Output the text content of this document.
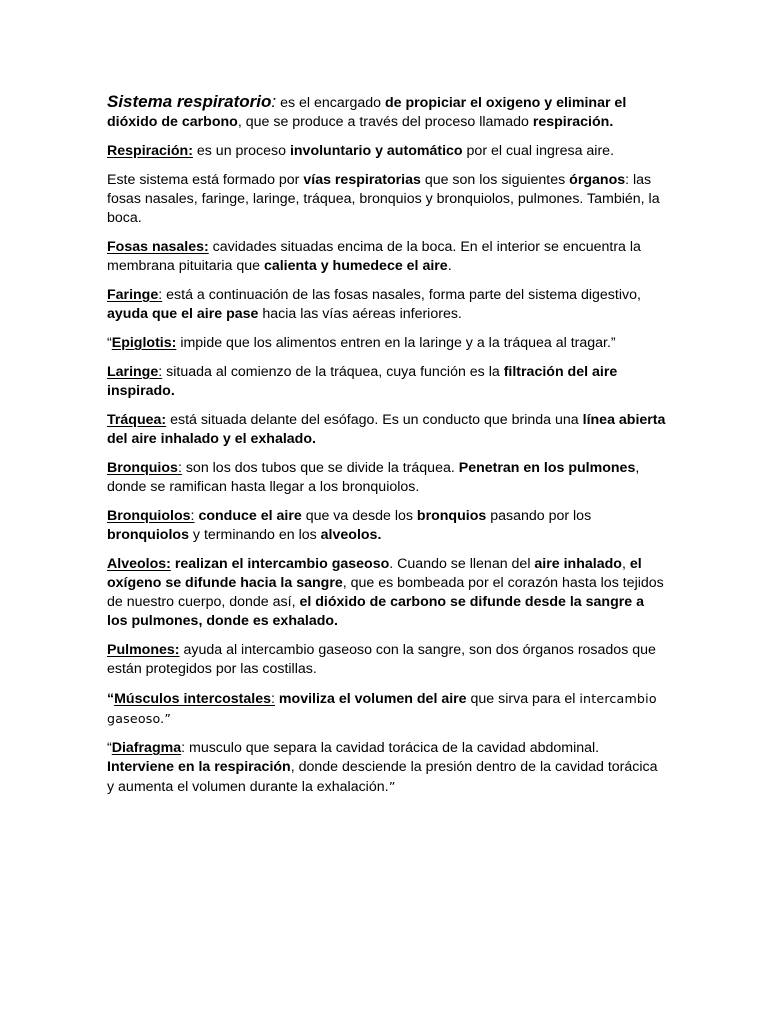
Sistema respiratorio: es el encargado de propiciar el oxigeno y eliminar el dióxido de carbono, que se produce a través del proceso llamado respiración.

Respiración: es un proceso involuntario y automático por el cual ingresa aire.

Este sistema está formado por vías respiratorias que son los siguientes órganos: las fosas nasales, faringe, laringe, tráquea, bronquios y bronquiolos, pulmones. También, la boca.

Fosas nasales: cavidades situadas encima de la boca. En el interior se encuentra la membrana pituitaria que calienta y humedece el aire.

Faringe: está a continuación de las fosas nasales, forma parte del sistema digestivo, ayuda que el aire pase hacia las vías aéreas inferiores.

“Epiglotis: impide que los alimentos entren en la laringe y a la tráquea al tragar.”

Laringe: situada al comienzo de la tráquea, cuya función es la filtración del aire inspirado.

Tráquea: está situada delante del esófago. Es un conducto que brinda una línea abierta del aire inhalado y el exhalado.

Bronquios: son los dos tubos que se divide la tráquea. Penetran en los pulmones, donde se ramifican hasta llegar a los bronquiolos.

Bronquiolos: conduce el aire que va desde los bronquios pasando por los bronquiolos y terminando en los alveolos.

Alveolos: realizan el intercambio gaseoso. Cuando se llenan del aire inhalado, el oxígeno se difunde hacia la sangre, que es bombeada por el corazón hasta los tejidos de nuestro cuerpo, donde así, el dióxido de carbono se difunde desde la sangre a los pulmones, donde es exhalado.

Pulmones: ayuda al intercambio gaseoso con la sangre, son dos órganos rosados que están protegidos por las costillas.

“Músculos intercostales: moviliza el volumen del aire que sirva para el intercambio gaseoso.”

“Diafragma: musculo que separa la cavidad torácica de la cavidad abdominal. Interviene en la respiración, donde desciende la presión dentro de la cavidad torácica y aumenta el volumen durante la exhalación.”
